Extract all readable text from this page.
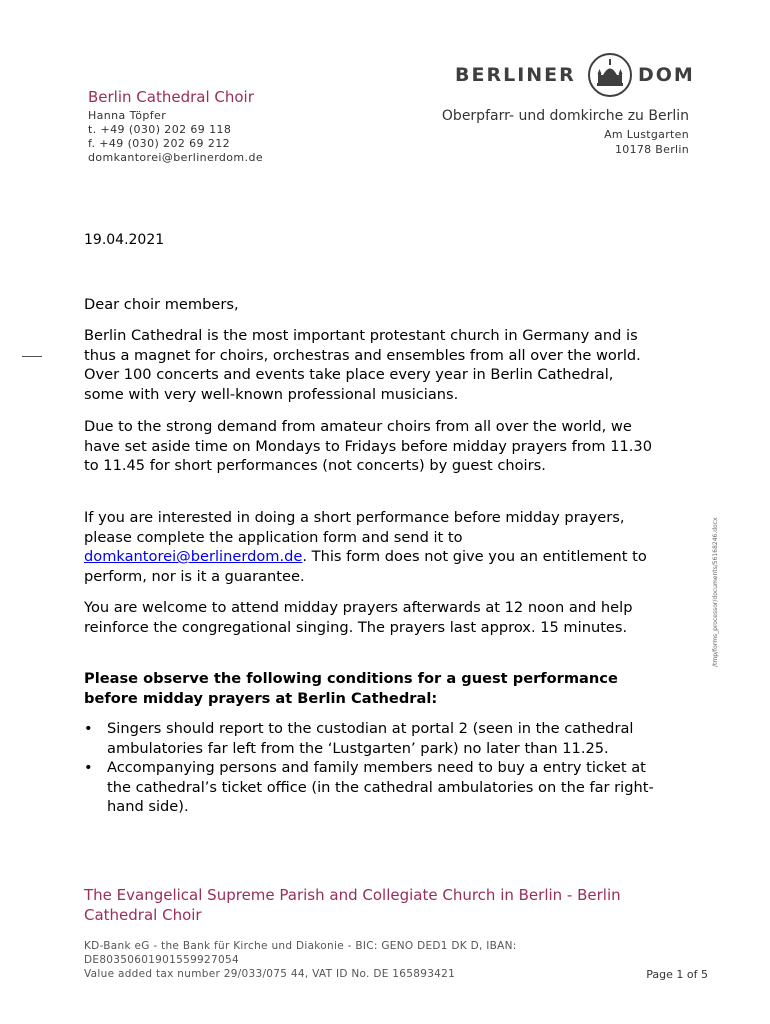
BERLINER	DOM
Berlin Cathedral Choir
Hanna Töpfer
t. +49 (030) 202 69 118
f. +49 (030) 202 69 212
domkantorei@berlinerdom.de
Oberpfarr- und domkirche zu Berlin
Am Lustgarten
10178 Berlin
19.04.2021
Dear choir members,
Berlin Cathedral is the most important protestant church in Germany and is thus a magnet for choirs, orchestras and ensembles from all over the world. Over 100 concerts and events take place every year in Berlin Cathedral, some with very well-known professional musicians.
Due to the strong demand from amateur choirs from all over the world, we have set aside time on Mondays to Fridays before midday prayers from 11.30 to 11.45 for short performances (not concerts) by guest choirs.
If you are interested in doing a short performance before midday prayers, please complete the application form and send it to domkantorei@berlinerdom.de. This form does not give you an entitlement to perform, nor is it a guarantee.
You are welcome to attend midday prayers afterwards at 12 noon and help reinforce the congregational singing. The prayers last approx. 15 minutes.
Please observe the following conditions for a guest performance before midday prayers at Berlin Cathedral:
• Singers should report to the custodian at portal 2 (seen in the cathedral ambulatories far left from the ‘Lustgarten’ park) no later than 11.25.
• Accompanying persons and family members need to buy a entry ticket at the cathedral’s ticket office (in the cathedral ambulatories on the far right-hand side).
The Evangelical Supreme Parish and Collegiate Church in Berlin - Berlin Cathedral Choir
KD-Bank eG - the Bank für Kirche und Diakonie - BIC: GENO DED1 DK D, IBAN:
DE80350601901559927054
Value added tax number 29/033/075 44, VAT ID No. DE 165893421	Page 1 of 5
/tmp/forms_processor/documents/56168246.docx
